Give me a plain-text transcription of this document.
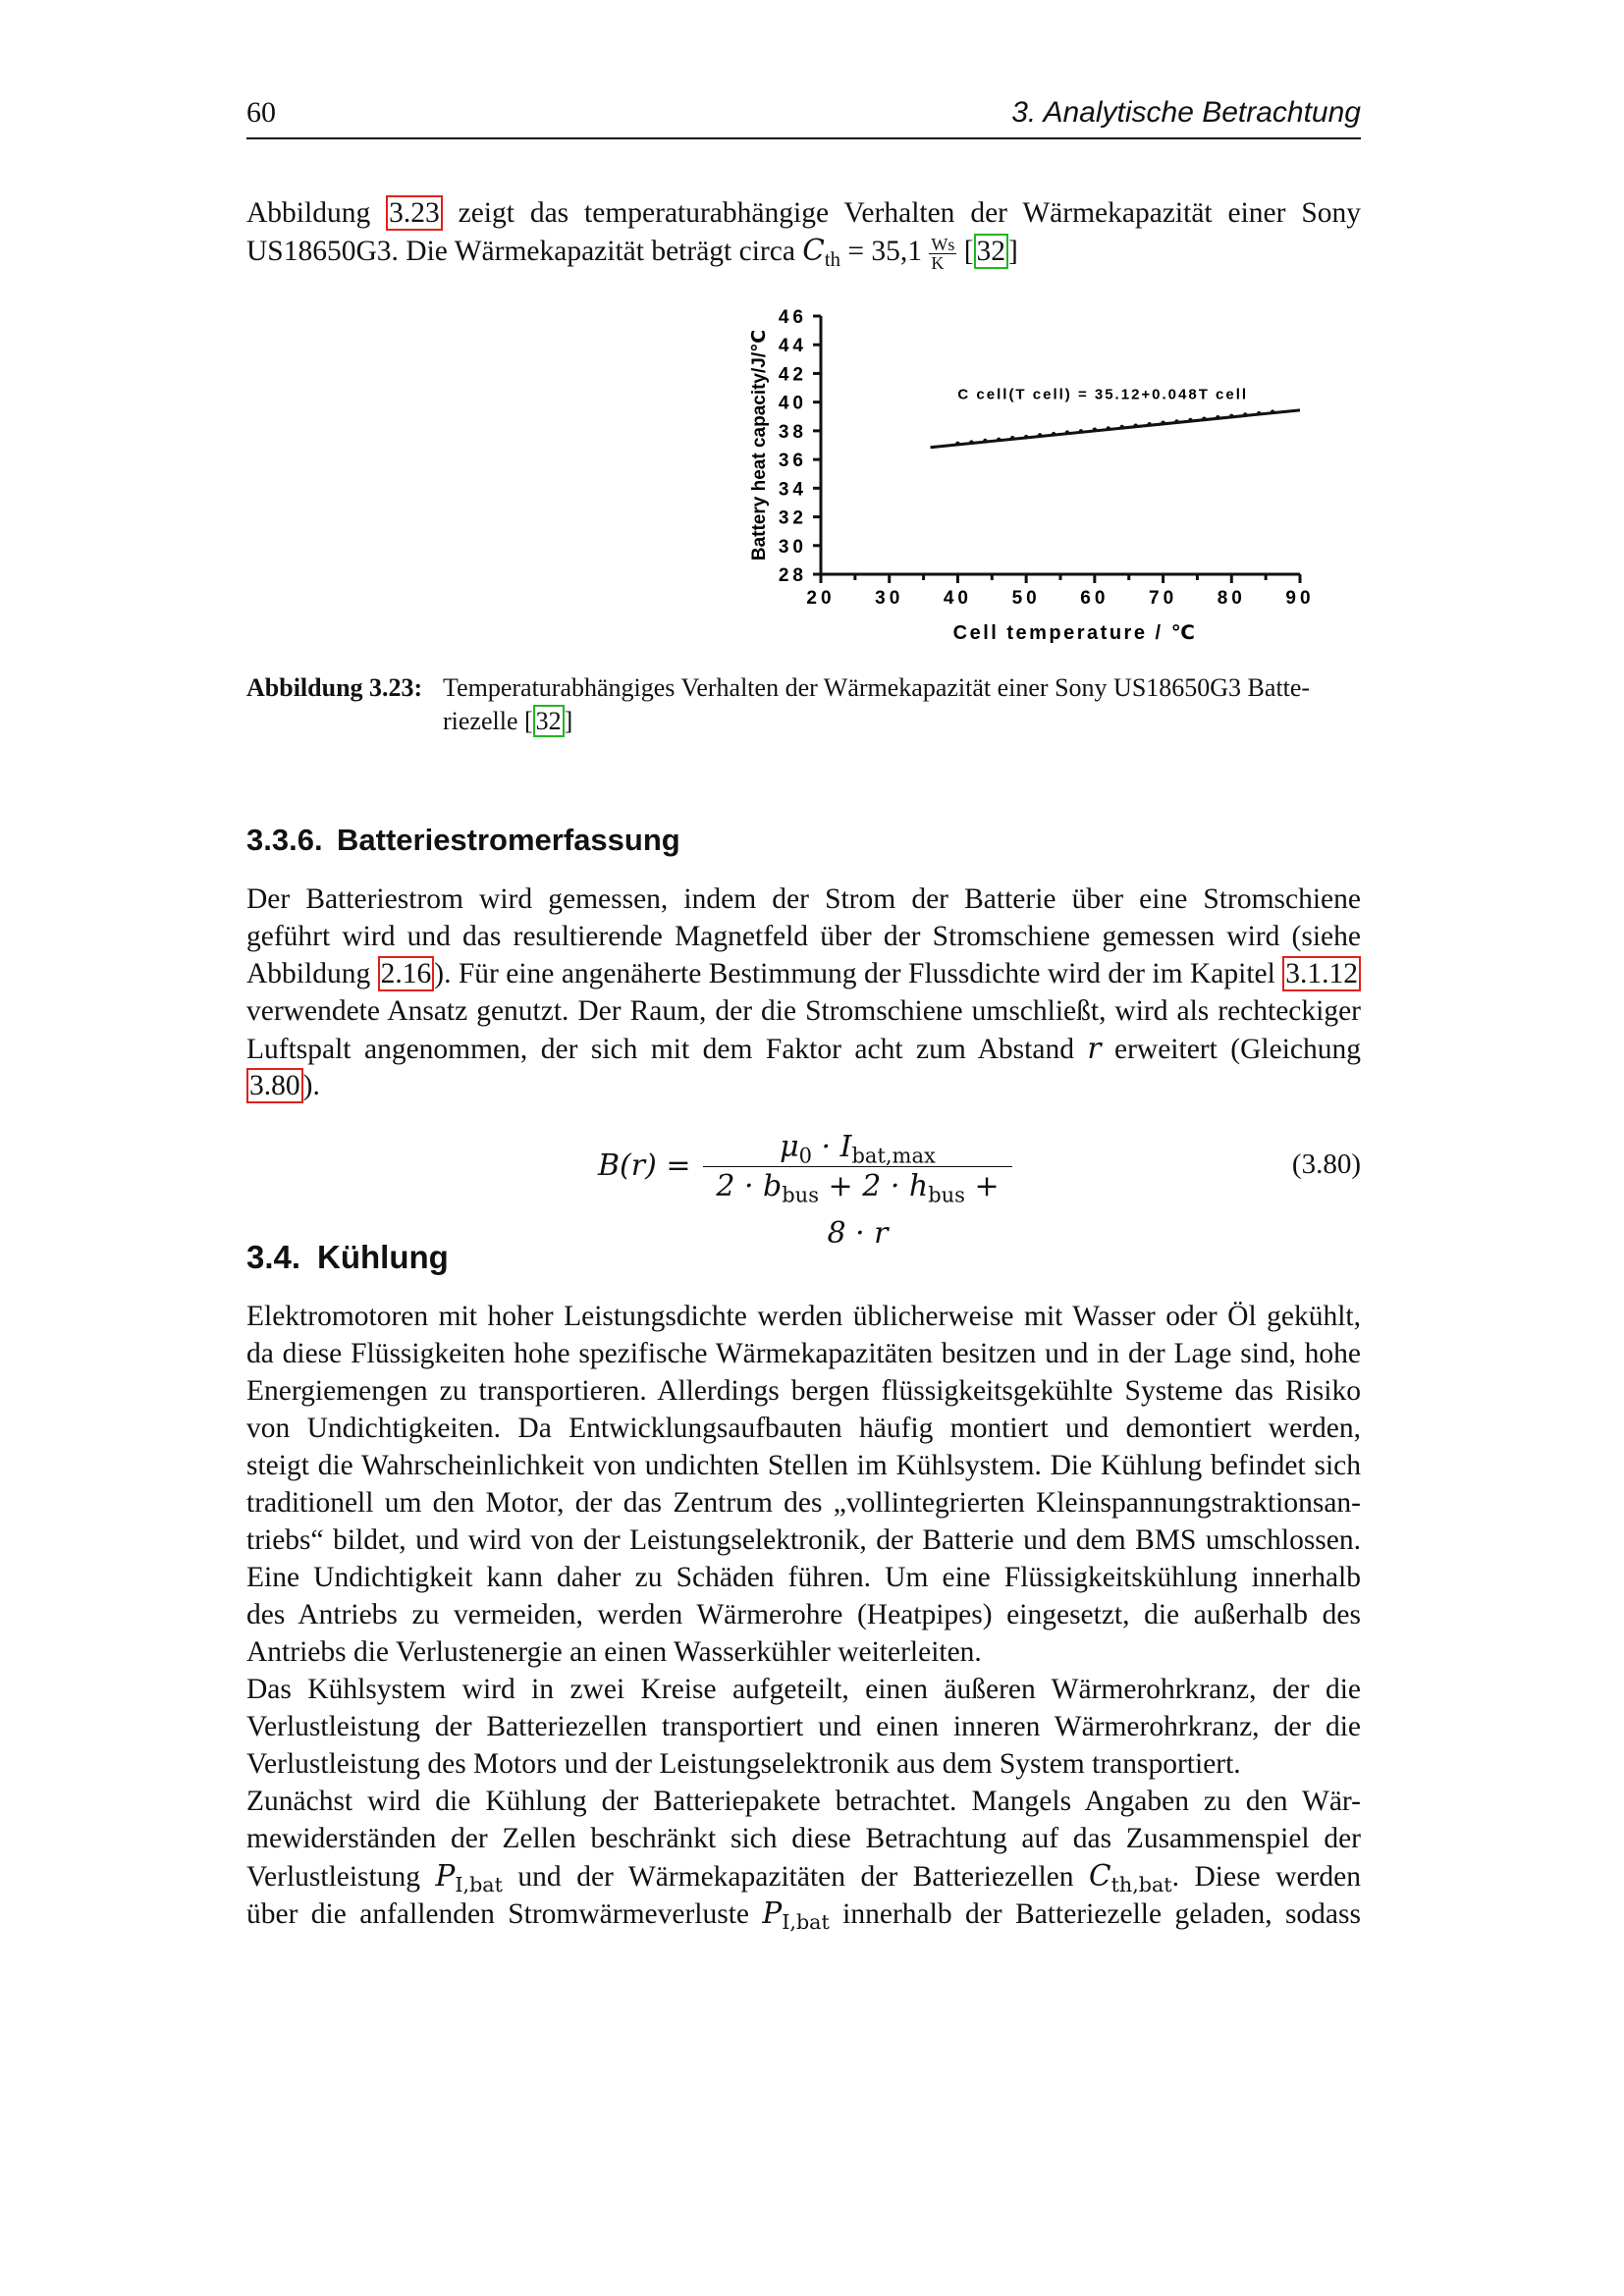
60	3. Analytische Betrachtung
Abbildung 3.23 zeigt das temperaturabhängige Verhalten der Wärmekapazität einer Sony
US18650G3. Die Wärmekapazität beträgt circa $C_{th} = 35,1 \frac{Ws}{K}$ [ 32 ]
28
30
32
34
36
38
40
42
44
46
20 30 40 50 60 70 80 90
Cell temperature / ℃
Battery heat capacity/J/℃	C cell(T cell) = 35.12+0.048T cell
Abbildung 3.23: Temperaturabhängiges Verhalten der Wärmekapazität einer Sony US18650G3 Batte-
riezelle [ 32 ]
3.3.6. Batteriestromerfassung
Der Batteriestrom wird gemessen, indem der Strom der Batterie über eine Stromschiene
geführt wird und das resultierende Magnetfeld über der Stromschiene gemessen wird (siehe
Abbildung 2.16 ). Für eine angenäherte Bestimmung der Flussdichte wird der im Kapitel 3.1.12
verwendete Ansatz genutzt. Der Raum, der die Stromschiene umschließt, wird als rechteckiger
Luftspalt angenommen, der sich mit dem Faktor acht zum Abstand r erweitert (Gleichung
3.80 ).
B(r) =
$\mu_0 \cdot I_{bat,max}$
$2 \cdot b_{bus} + 2 \cdot h_{bus} + 8 \cdot r$
(3.80)
3.4. Kühlung
Elektromotoren mit hoher Leistungsdichte werden üblicherweise mit Wasser oder Öl gekühlt,
da diese Flüssigkeiten hohe spezifische Wärmekapazitäten besitzen und in der Lage sind, hohe
Energiemengen zu transportieren. Allerdings bergen flüssigkeitsgekühlte Systeme das Risiko
von Undichtigkeiten. Da Entwicklungsaufbauten häufig montiert und demontiert werden,
steigt die Wahrscheinlichkeit von undichten Stellen im Kühlsystem. Die Kühlung befindet sich
traditionell um den Motor, der das Zentrum des „vollintegrierten Kleinspannungstraktionsan-
triebs“ bildet, und wird von der Leistungselektronik, der Batterie und dem BMS umschlossen.
Eine Undichtigkeit kann daher zu Schäden führen. Um eine Flüssigkeitskühlung innerhalb
des Antriebs zu vermeiden, werden Wärmerohre (Heatpipes) eingesetzt, die außerhalb des
Antriebs die Verlustenergie an einen Wasserkühler weiterleiten.
Das Kühlsystem wird in zwei Kreise aufgeteilt, einen äußeren Wärmerohrkranz, der die
Verlustleistung der Batteriezellen transportiert und einen inneren Wärmerohrkranz, der die
Verlustleistung des Motors und der Leistungselektronik aus dem System transportiert.
Zunächst wird die Kühlung der Batteriepakete betrachtet. Mangels Angaben zu den Wär-
mewiderständen der Zellen beschränkt sich diese Betrachtung auf das Zusammenspiel der
Verlustleistung $P_{I,bat}$ und der Wärmekapazitäten der Batteriezellen $C_{th,bat}$. Diese werden
über die anfallenden Stromwärmeverluste $P_{I,bat}$ innerhalb der Batteriezelle geladen, sodass
